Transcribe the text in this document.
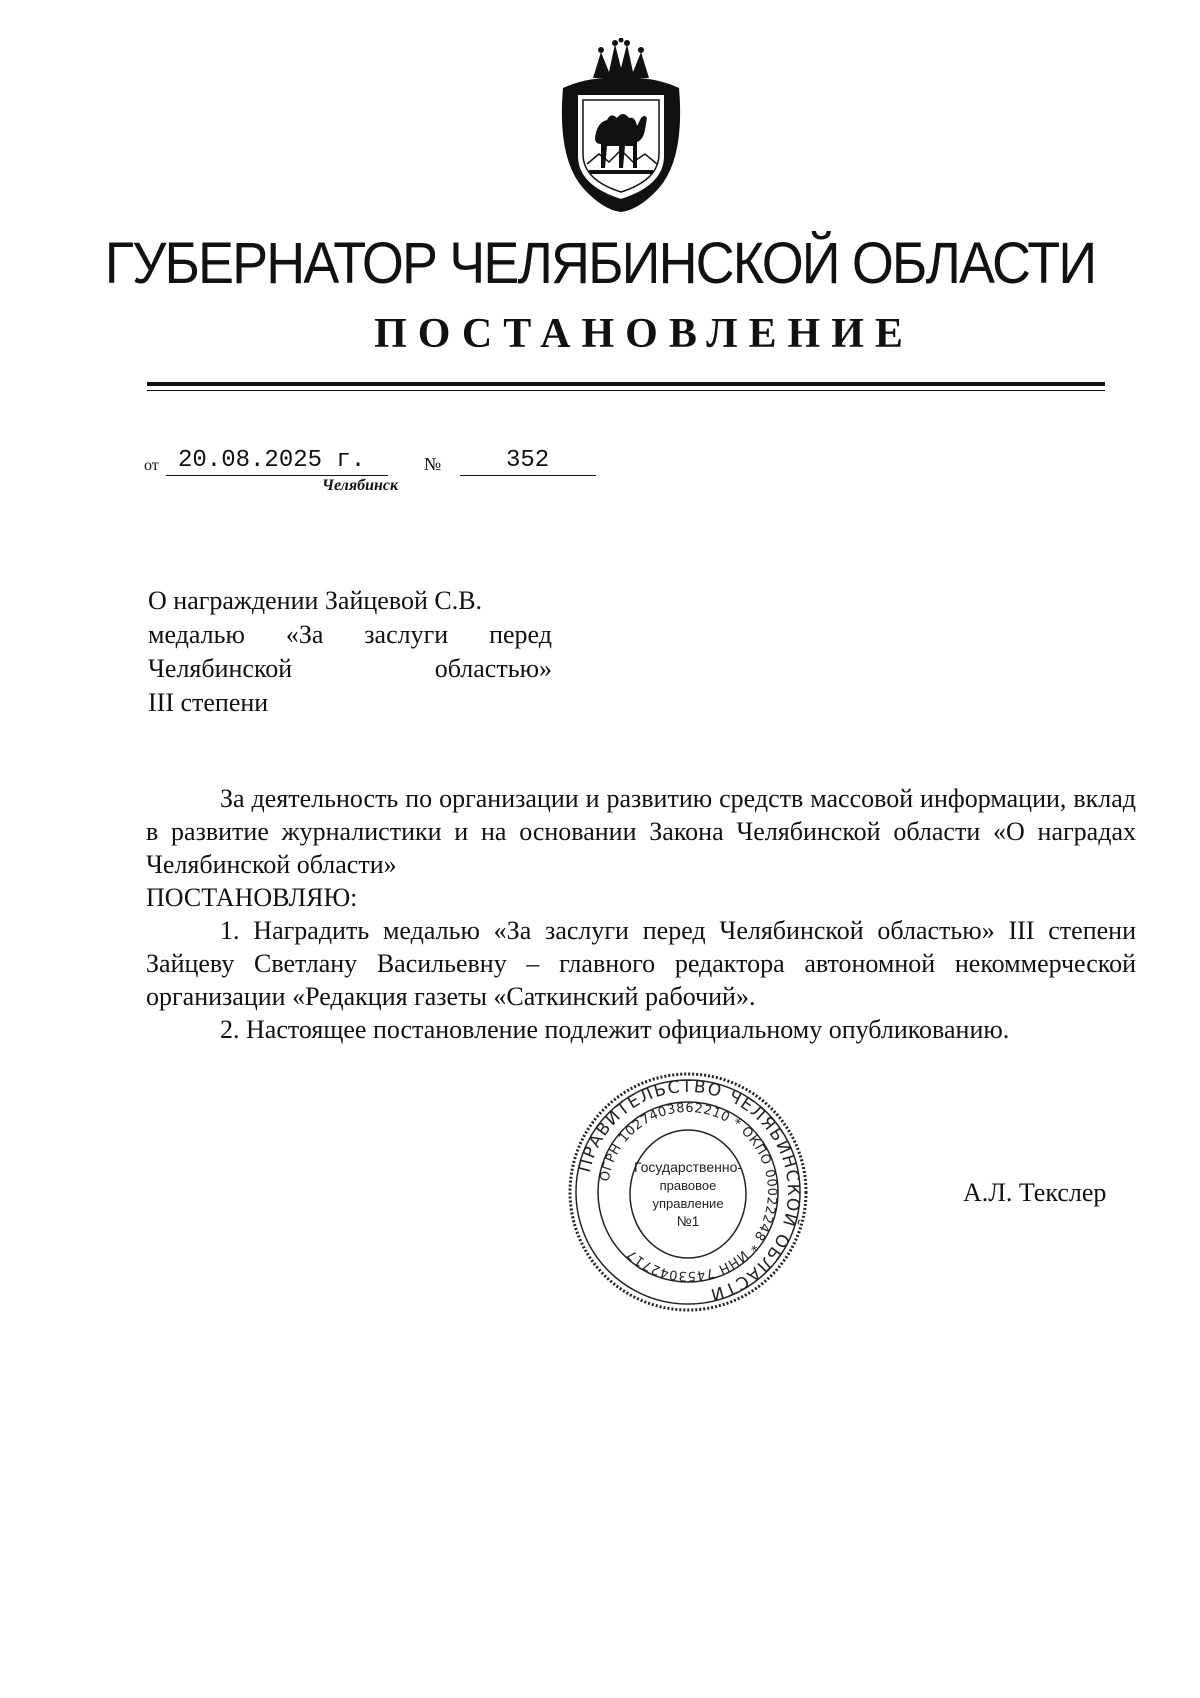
ГУБЕРНАТОР ЧЕЛЯБИНСКОЙ ОБЛАСТИ
ПОСТАНОВЛЕНИЕ
от 20.08.2025 г.	№	352
Челябинск
О награждении Зайцевой С.В.
медалью «За заслуги перед
Челябинской областью»
III степени
За деятельность по организации и развитию средств массовой информации, вклад в развитие журналистики и на основании Закона Челябинской области «О наградах Челябинской области»
ПОСТАНОВЛЯЮ:
1. Наградить медалью «За заслуги перед Челябинской областью» III степени Зайцеву Светлану Васильевну – главного редактора автономной некоммерческой организации «Редакция газеты «Саткинский рабочий».
2. Настоящее постановление подлежит официальному опубликованию.
ПРАВИТЕЛЬСТВО ЧЕЛЯБИНСКОЙ ОБЛАСТИ
ОГРН 1027403862210 * ОКПО 00022248 * ИНН 7453042717
Государственно-
правовое
управление
№1
А.Л. Текслер
